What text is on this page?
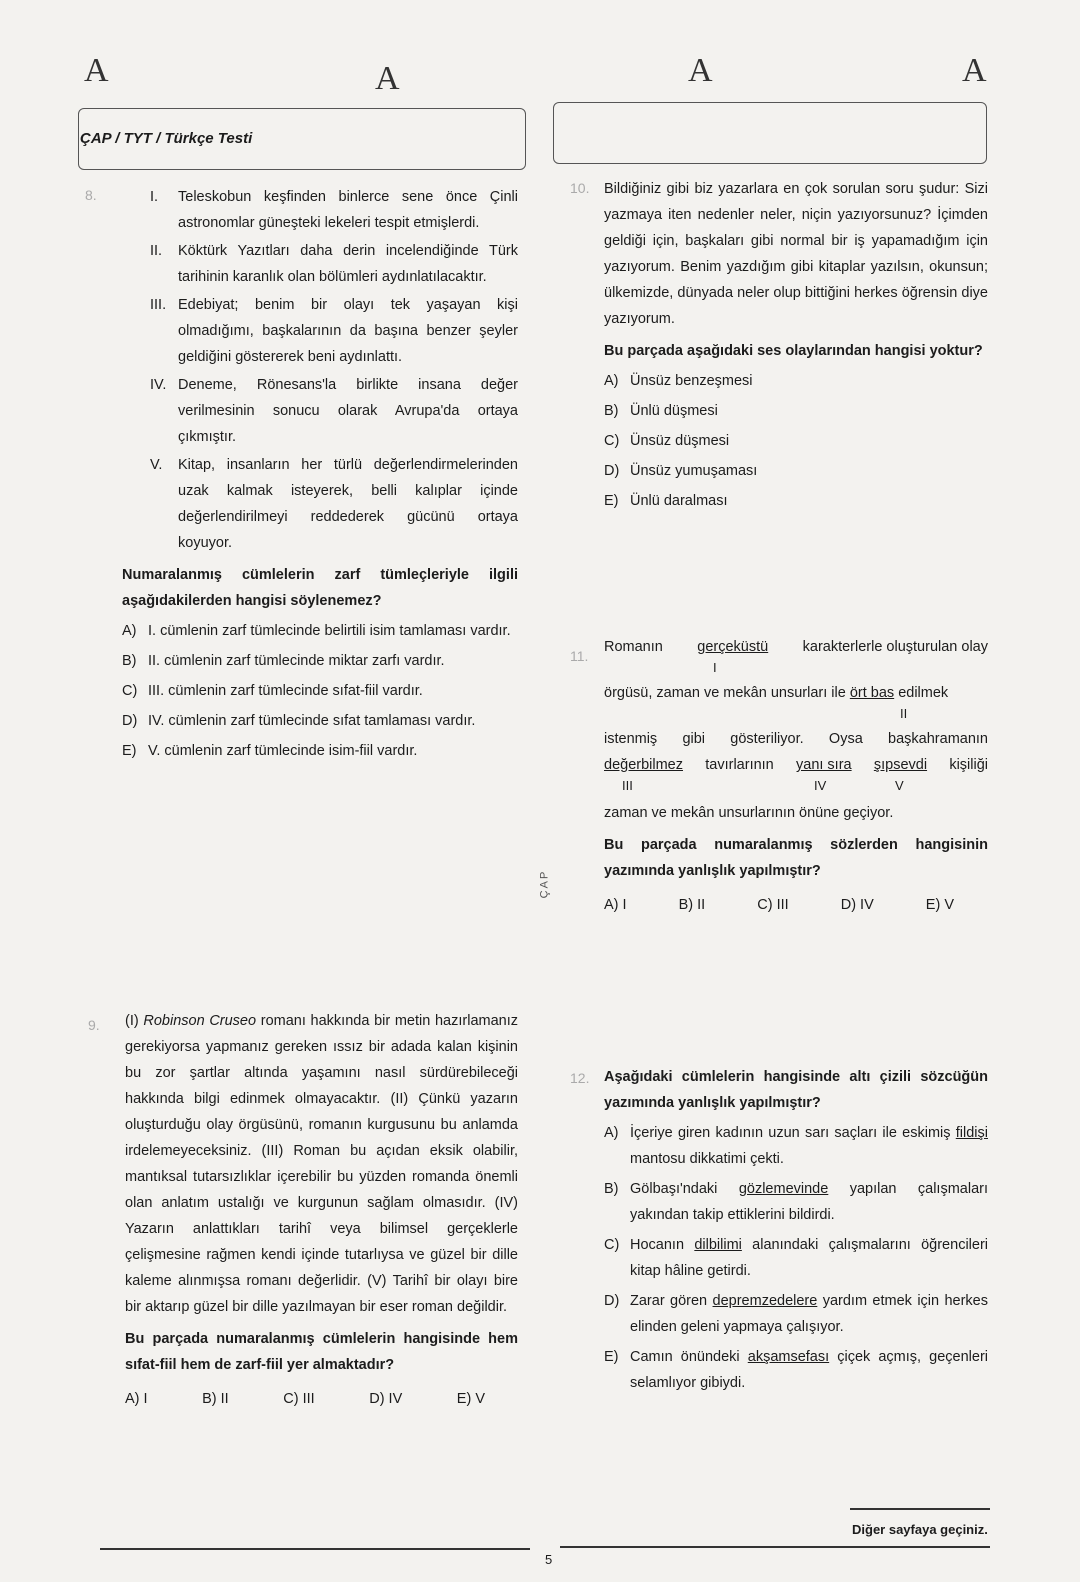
A	A	A	A
ÇAP / TYT / Türkçe Testi
ÇAP
8.	I.	Teleskobun keşfinden binlerce sene önce Çinli astronomlar güneşteki lekeleri tespit etmişlerdi.
II.	Köktürk Yazıtları daha derin incelendiğinde Türk tarihinin karanlık olan bölümleri aydınlatılacaktır.
III. Edebiyat; benim bir olayı tek yaşayan kişi olmadığımı, başkalarının da başına benzer şeyler geldiğini göstererek beni aydınlattı.
IV. Deneme, Rönesans'la birlikte insana değer verilmesinin sonucu olarak Avrupa'da ortaya çıkmıştır.
V.	Kitap, insanların her türlü değerlendirmelerinden uzak kalmak isteyerek, belli kalıplar içinde değerlendirilmeyi reddederek gücünü ortaya koyuyor.
Numaralanmış cümlelerin zarf tümleçleriyle ilgili aşağıdakilerden hangisi söylenemez?
A) I. cümlenin zarf tümlecinde belirtili isim tamlaması vardır.
B) II. cümlenin zarf tümlecinde miktar zarfı vardır.
C) III. cümlenin zarf tümlecinde sıfat-fiil vardır.
D) IV. cümlenin zarf tümlecinde sıfat tamlaması vardır.
E) V. cümlenin zarf tümlecinde isim-fiil vardır.
9. (I) Robinson Cruseo romanı hakkında bir metin hazırlamanız gerekiyorsa yapmanız gereken ıssız bir adada kalan kişinin bu zor şartlar altında yaşamını nasıl sürdürebileceği hakkında bilgi edinmek olmayacaktır. (II) Çünkü yazarın oluşturduğu olay örgüsünü, romanın kurgusunu bu anlamda irdelemeyeceksiniz. (III) Roman bu açıdan eksik olabilir, mantıksal tutarsızlıklar içerebilir bu yüzden romanda önemli olan anlatım ustalığı ve kurgunun sağlam olmasıdır. (IV) Yazarın anlattıkları tarihî veya bilimsel gerçeklerle çelişmesine rağmen kendi içinde tutarlıysa ve güzel bir dille kaleme alınmışsa romanı değerlidir. (V) Tarihî bir olayı bire bir aktarıp güzel bir dille yazılmayan bir eser roman değildir.
Bu parçada numaralanmış cümlelerin hangisinde hem sıfat-fiil hem de zarf-fiil yer almaktadır?
A) I	B) II	C) III	D) IV	E) V
10. Bildiğiniz gibi biz yazarlara en çok sorulan soru şudur: Sizi yazmaya iten nedenler neler, niçin yazıyorsunuz? İçimden geldiği için, başkaları gibi normal bir iş yapamadığım için yazıyorum. Benim yazdığım gibi kitaplar yazılsın, okunsun; ülkemizde, dünyada neler olup bittiğini herkes öğrensin diye yazıyorum.
Bu parçada aşağıdaki ses olaylarından hangisi yoktur?
A) Ünsüz benzeşmesi
B) Ünlü düşmesi
C) Ünsüz düşmesi
D) Ünsüz yumuşaması
E) Ünlü daralması
11.
Romanın gerçeküstü karakterlerle oluşturulan olay
I
örgüsü, zaman ve mekân unsurları ile ört bas edilmek
II
istenmiş gibi gösteriliyor. Oysa başkahramanın
değerbilmez tavırlarının yanı sıra şıpsevdi kişiliği
III	IV	V
zaman ve mekân unsurlarının önüne geçiyor.
Bu parçada numaralanmış sözlerden hangisinin yazımında yanlışlık yapılmıştır?
A) I	B) II	C) III	D) IV	E) V
12. Aşağıdaki cümlelerin hangisinde altı çizili sözcüğün yazımında yanlışlık yapılmıştır?
A) İçeriye giren kadının uzun sarı saçları ile eskimiş fildişi mantosu dikkatimi çekti.
B) Gölbaşı'ndaki gözlemevinde yapılan çalışmaları yakından takip ettiklerini bildirdi.
C) Hocanın dilbilimi alanındaki çalışmalarını öğrencileri kitap hâline getirdi.
D) Zarar gören depremzedelere yardım etmek için herkes elinden geleni yapmaya çalışıyor.
E) Camın önündeki akşamsefası çiçek açmış, geçenleri selamlıyor gibiydi.
5
Diğer sayfaya geçiniz.
